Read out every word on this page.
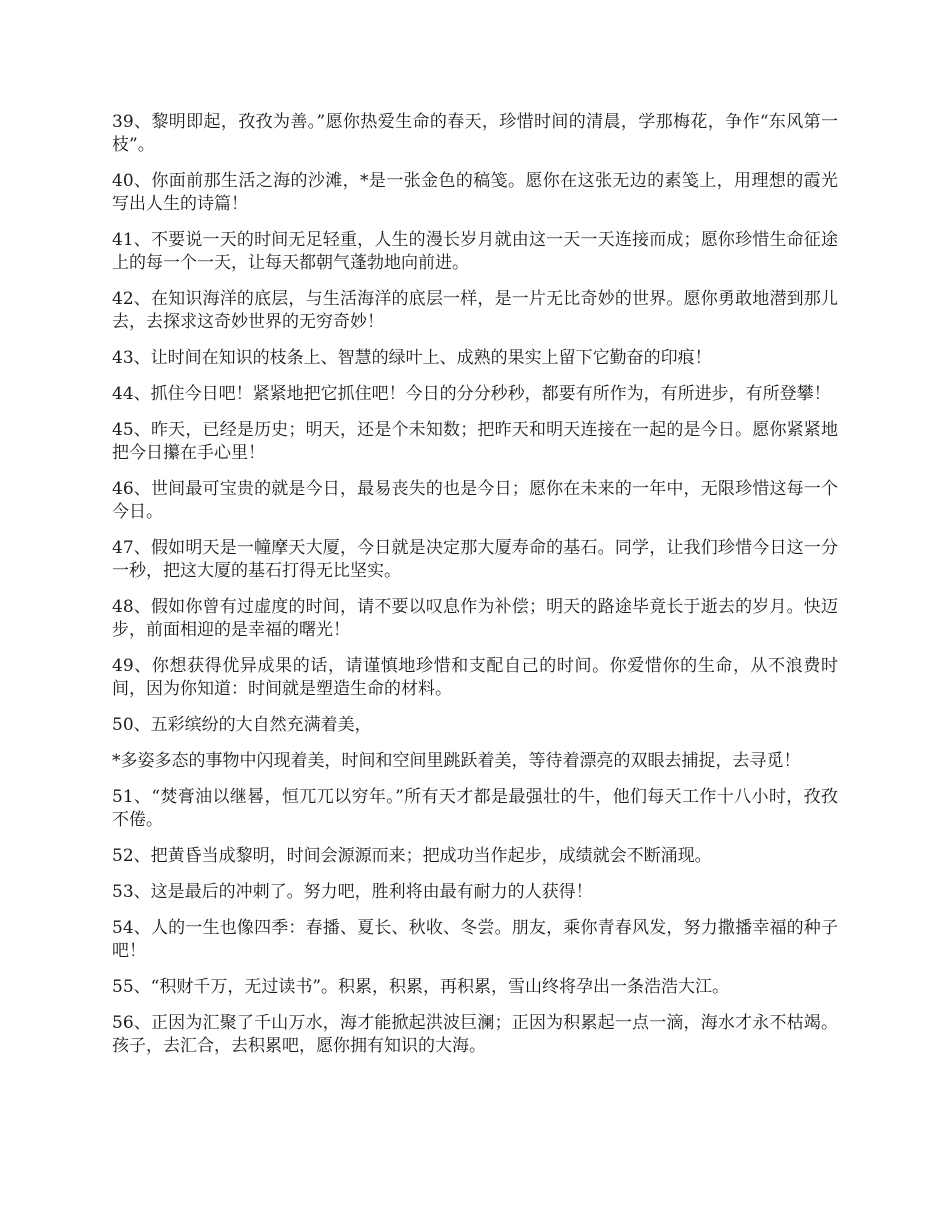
39、黎明即起，孜孜为善。”愿你热爱生命的春天，珍惜时间的清晨，学那梅花，争作“东风第一枝”。

40、你面前那生活之海的沙滩，*是一张金色的稿笺。愿你在这张无边的素笺上，用理想的霞光写出人生的诗篇！

41、不要说一天的时间无足轻重，人生的漫长岁月就由这一天一天连接而成；愿你珍惜生命征途上的每一个一天，让每天都朝气蓬勃地向前进。

42、在知识海洋的底层，与生活海洋的底层一样，是一片无比奇妙的世界。愿你勇敢地潜到那儿去，去探求这奇妙世界的无穷奇妙！

43、让时间在知识的枝条上、智慧的绿叶上、成熟的果实上留下它勤奋的印痕！

44、抓住今日吧！紧紧地把它抓住吧！今日的分分秒秒，都要有所作为，有所进步，有所登攀！

45、昨天，已经是历史；明天，还是个未知数；把昨天和明天连接在一起的是今日。愿你紧紧地把今日攥在手心里！

46、世间最可宝贵的就是今日，最易丧失的也是今日；愿你在未来的一年中，无限珍惜这每一个今日。

47、假如明天是一幢摩天大厦，今日就是决定那大厦寿命的基石。同学，让我们珍惜今日这一分一秒，把这大厦的基石打得无比坚实。

48、假如你曾有过虚度的时间，请不要以叹息作为补偿；明天的路途毕竟长于逝去的岁月。快迈步，前面相迎的是幸福的曙光！

49、你想获得优异成果的话，请谨慎地珍惜和支配自己的时间。你爱惜你的生命，从不浪费时间，因为你知道：时间就是塑造生命的材料。

50、五彩缤纷的大自然充满着美，

*多姿多态的事物中闪现着美，时间和空间里跳跃着美，等待着漂亮的双眼去捕捉，去寻觅！

51、“焚膏油以继晷，恒兀兀以穷年。”所有天才都是最强壮的牛，他们每天工作十八小时，孜孜不倦。

52、把黄昏当成黎明，时间会源源而来；把成功当作起步，成绩就会不断涌现。

53、这是最后的冲刺了。努力吧，胜利将由最有耐力的人获得！

54、人的一生也像四季：春播、夏长、秋收、冬尝。朋友，乘你青春风发，努力撒播幸福的种子吧！

55、“积财千万，无过读书”。积累，积累，再积累，雪山终将孕出一条浩浩大江。

56、正因为汇聚了千山万水，海才能掀起洪波巨澜；正因为积累起一点一滴，海水才永不枯竭。孩子，去汇合，去积累吧，愿你拥有知识的大海。
